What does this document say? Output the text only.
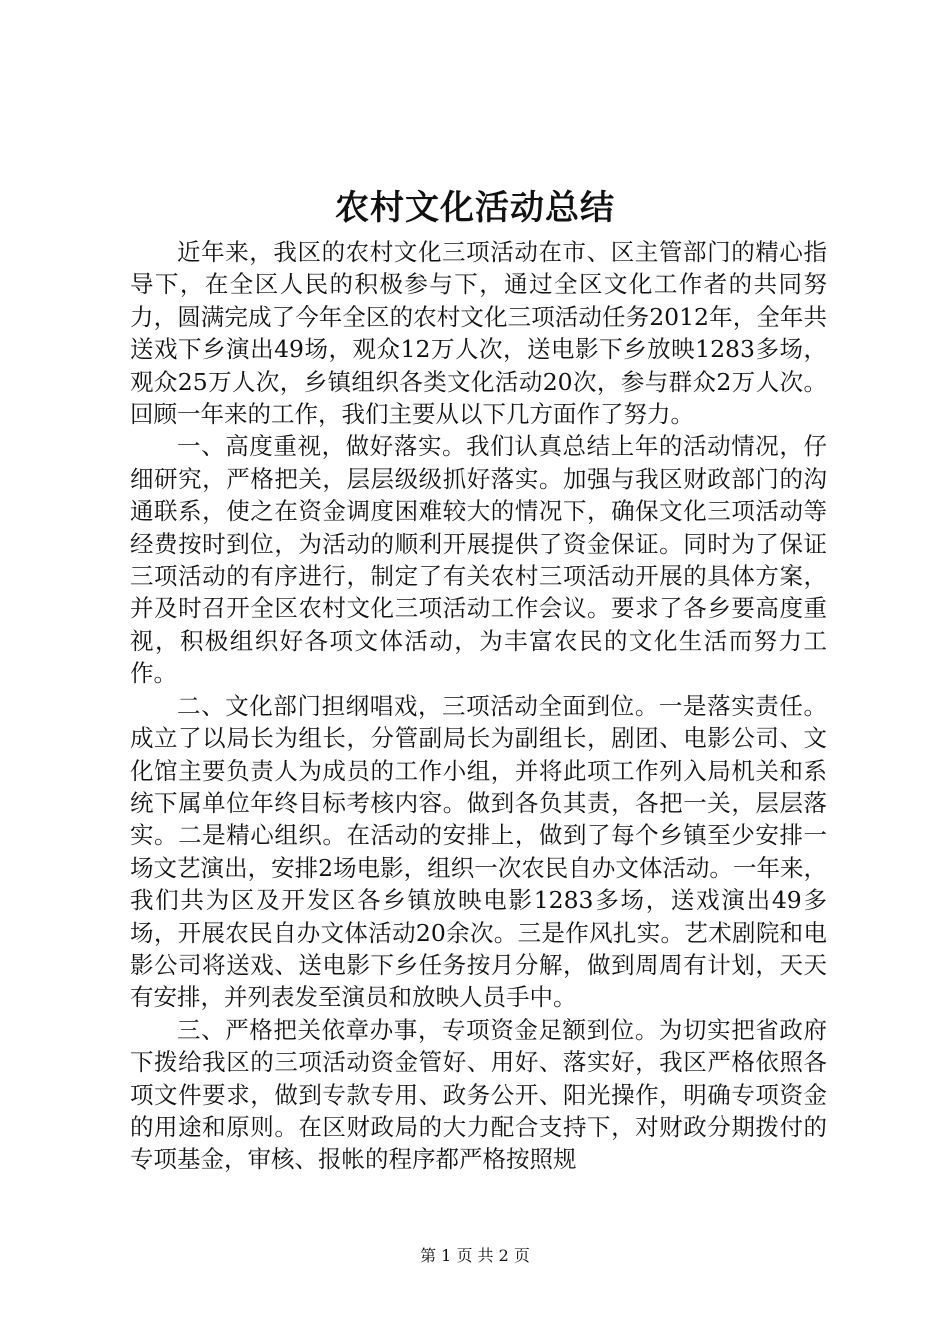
农村文化活动总结

近年来，我区的农村文化三项活动在市、区主管部门的精心指导下，在全区人民的积极参与下，通过全区文化工作者的共同努力，圆满完成了今年全区的农村文化三项活动任务2012年，全年共送戏下乡演出49场，观众12万人次，送电影下乡放映1283多场，观众25万人次，乡镇组织各类文化活动20次，参与群众2万人次。回顾一年来的工作，我们主要从以下几方面作了努力。

一、高度重视，做好落实。我们认真总结上年的活动情况，仔细研究，严格把关，层层级级抓好落实。加强与我区财政部门的沟通联系，使之在资金调度困难较大的情况下，确保文化三项活动等经费按时到位，为活动的顺利开展提供了资金保证。同时为了保证三项活动的有序进行，制定了有关农村三项活动开展的具体方案，并及时召开全区农村文化三项活动工作会议。要求了各乡要高度重视，积极组织好各项文体活动，为丰富农民的文化生活而努力工作。

二、文化部门担纲唱戏，三项活动全面到位。一是落实责任。成立了以局长为组长，分管副局长为副组长，剧团、电影公司、文化馆主要负责人为成员的工作小组，并将此项工作列入局机关和系统下属单位年终目标考核内容。做到各负其责，各把一关，层层落实。二是精心组织。在活动的安排上，做到了每个乡镇至少安排一场文艺演出，安排2场电影，组织一次农民自办文体活动。一年来，我们共为区及开发区各乡镇放映电影1283多场，送戏演出49多场，开展农民自办文体活动20余次。三是作风扎实。艺术剧院和电影公司将送戏、送电影下乡任务按月分解，做到周周有计划，天天有安排，并列表发至演员和放映人员手中。

三、严格把关依章办事，专项资金足额到位。为切实把省政府下拨给我区的三项活动资金管好、用好、落实好，我区严格依照各项文件要求，做到专款专用、政务公开、阳光操作，明确专项资金的用途和原则。在区财政局的大力配合支持下，对财政分期拨付的专项基金，审核、报帐的程序都严格按照规

第 1 页 共 2 页
